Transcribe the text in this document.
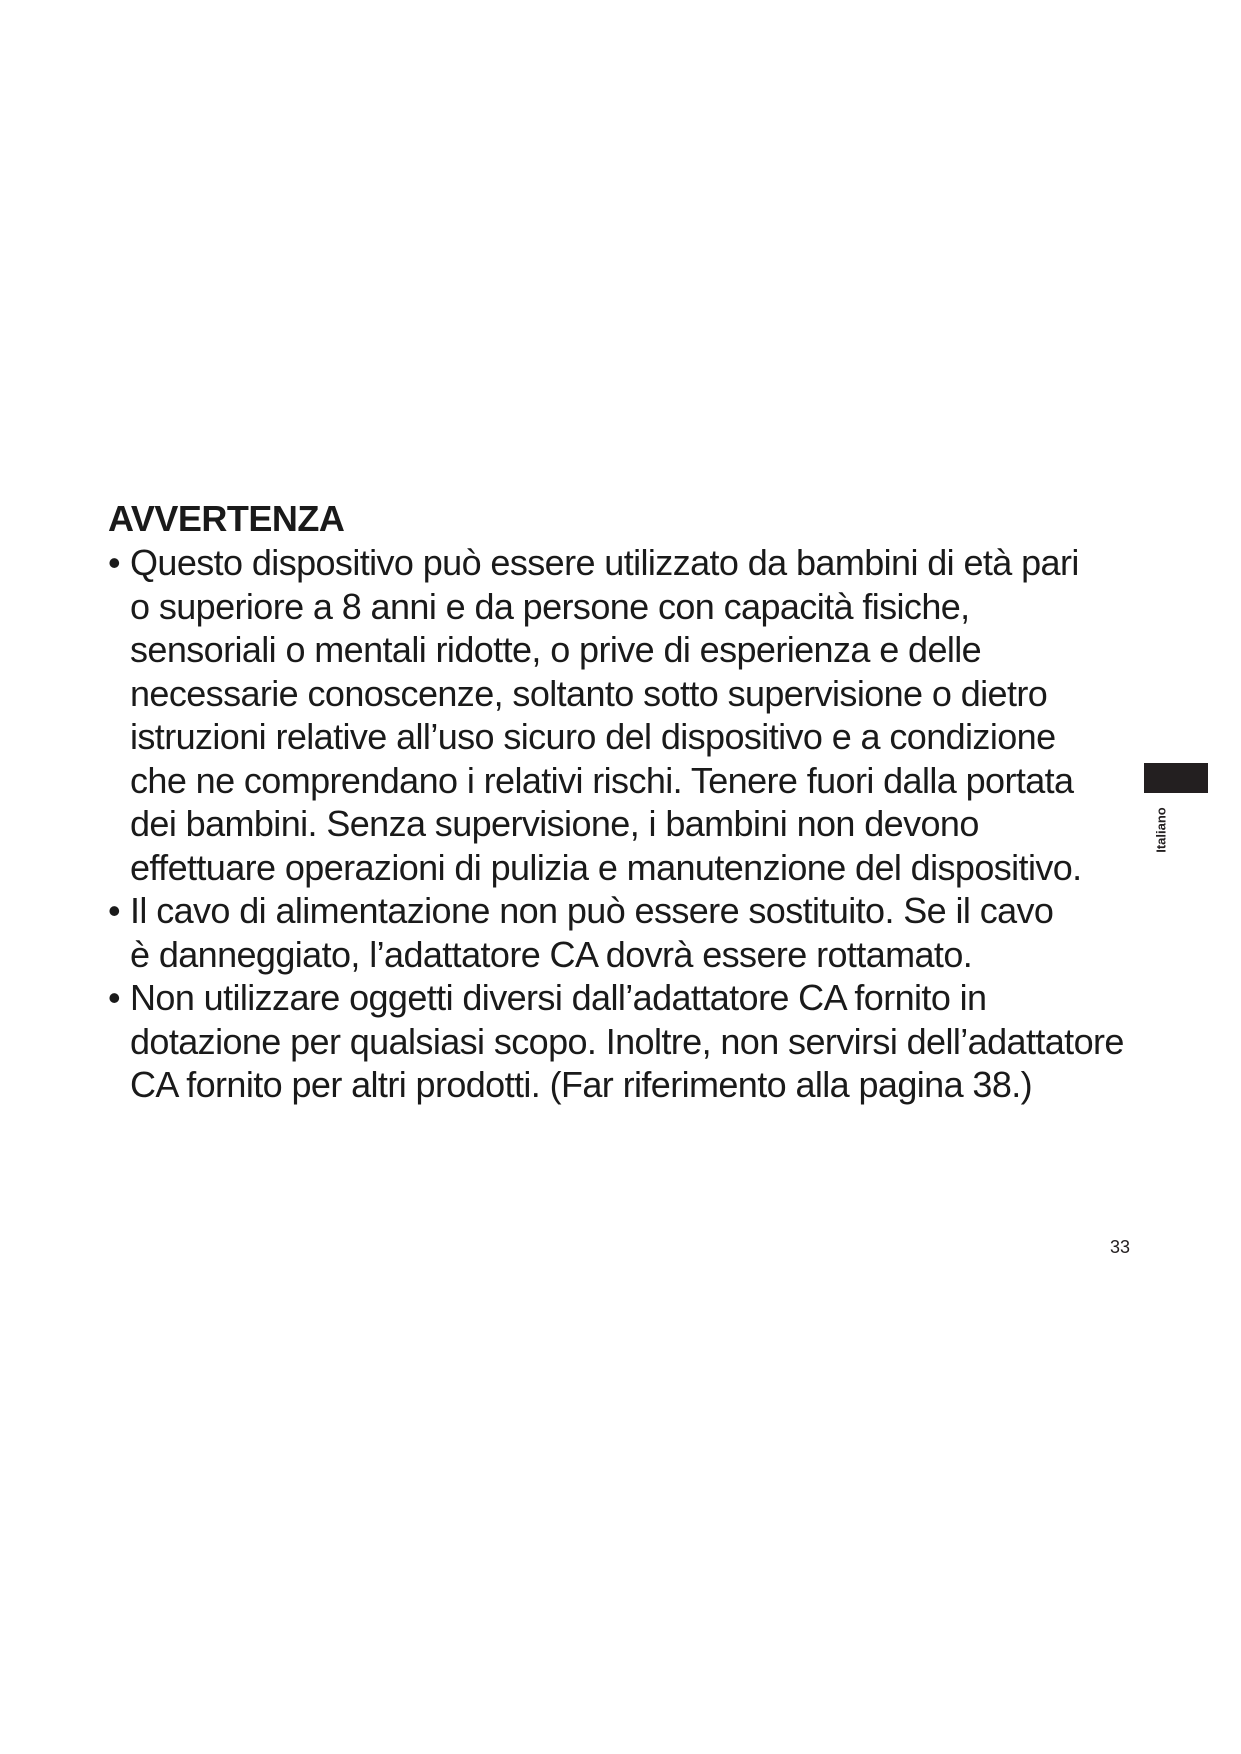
AVVERTENZA
• Questo dispositivo può essere utilizzato da bambini di età pari
o superiore a 8 anni e da persone con capacità fisiche,
sensoriali o mentali ridotte, o prive di esperienza e delle
necessarie conoscenze, soltanto sotto supervisione o dietro
istruzioni relative all’uso sicuro del dispositivo e a condizione
che ne comprendano i relativi rischi. Tenere fuori dalla portata
dei bambini. Senza supervisione, i bambini non devono
effettuare operazioni di pulizia e manutenzione del dispositivo.
• Il cavo di alimentazione non può essere sostituito. Se il cavo
è danneggiato, l’adattatore CA dovrà essere rottamato.
• Non utilizzare oggetti diversi dall’adattatore CA fornito in
dotazione per qualsiasi scopo. Inoltre, non servirsi dell’adattatore
CA fornito per altri prodotti. (Far riferimento alla pagina 38.)
Italiano
33
